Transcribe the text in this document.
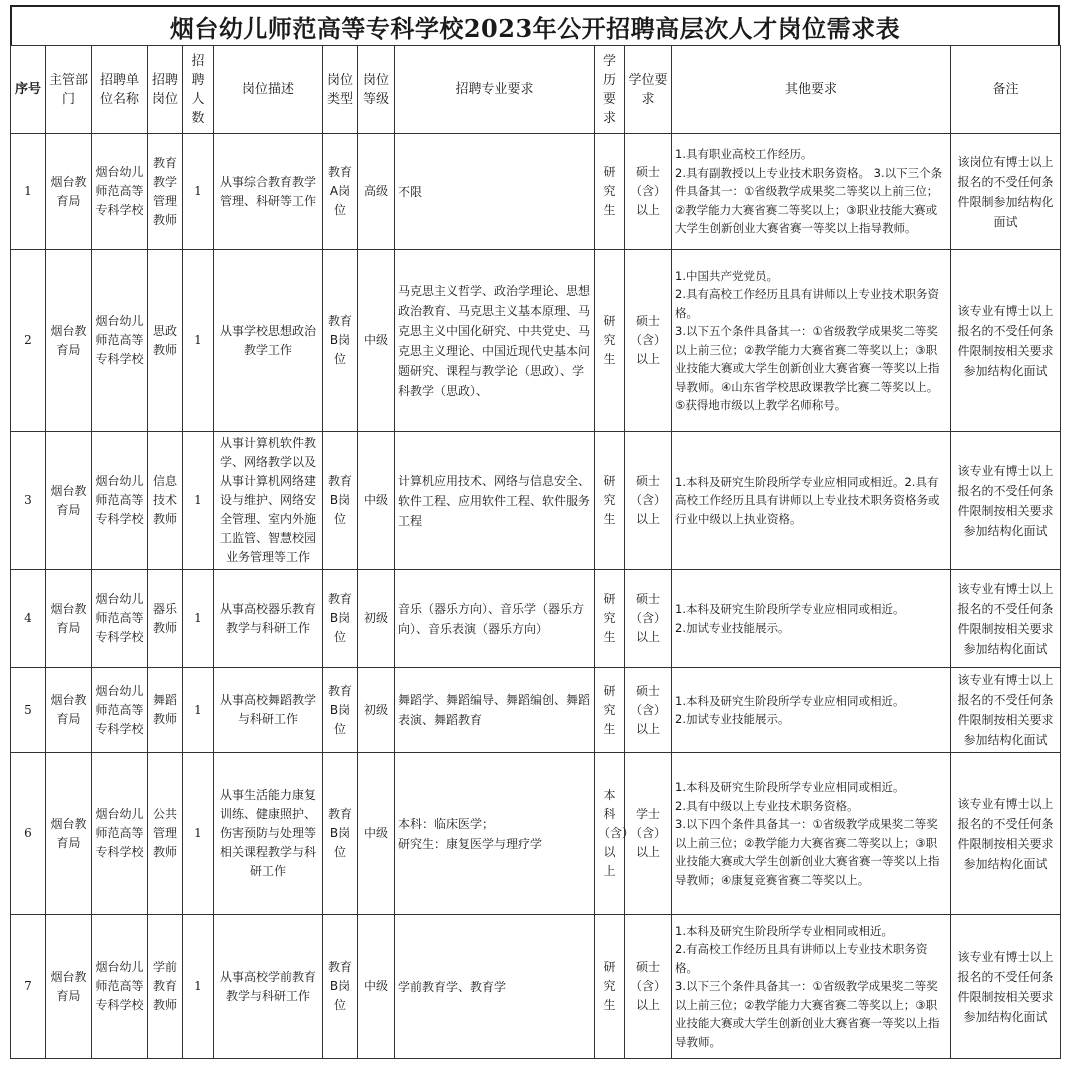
烟台幼儿师范高等专科学校2023年公开招聘高层次人才岗位需求表
序号	主管部门	招聘单位名称	招聘岗位	招聘人数	岗位描述	岗位类型	岗位等级	招聘专业要求	学历要求	学位要求	其他要求	备注
1	烟台教育局	烟台幼儿师范高等专科学校	教育教学管理教师	1	从事综合教育教学管理、科研等工作	教育A岗位	高级	不限	研究生	硕士（含）以上	1.具有职业高校工作经历。
2.具有副教授以上专业技术职务资格。 3.以下三个条件具备其一：①省级教学成果奖二等奖以上前三位；②教学能力大赛省赛二等奖以上；③职业技能大赛或大学生创新创业大赛省赛一等奖以上指导教师。	该岗位有博士以上报名的不受任何条件限制参加结构化面试
2	烟台教育局	烟台幼儿师范高等专科学校	思政教师	1	从事学校思想政治教学工作	教育B岗位	中级	马克思主义哲学、政治学理论、思想政治教育、马克思主义基本原理、马克思主义中国化研究、中共党史、马克思主义理论、中国近现代史基本问题研究、课程与教学论（思政）、学科教学（思政）、	研究生	硕士（含）以上	1.中国共产党党员。
2.具有高校工作经历且具有讲师以上专业技术职务资格。
3.以下五个条件具备其一：①省级教学成果奖二等奖以上前三位；②教学能力大赛省赛二等奖以上；③职业技能大赛或大学生创新创业大赛省赛一等奖以上指导教师。④山东省学校思政课教学比赛二等奖以上。⑤获得地市级以上教学名师称号。	该专业有博士以上报名的不受任何条件限制按相关要求参加结构化面试
3	烟台教育局	烟台幼儿师范高等专科学校	信息技术教师	1	从事计算机软件教学、网络教学以及从事计算机网络建设与维护、网络安全管理、室内外施工监管、智慧校园业务管理等工作	教育B岗位	中级	计算机应用技术、网络与信息安全、软件工程、应用软件工程、软件服务工程	研究生	硕士（含）以上	1.本科及研究生阶段所学专业应相同或相近。2.具有高校工作经历且具有讲师以上专业技术职务资格务或行业中级以上执业资格。	该专业有博士以上报名的不受任何条件限制按相关要求参加结构化面试
4	烟台教育局	烟台幼儿师范高等专科学校	器乐教师	1	从事高校器乐教育教学与科研工作	教育B岗位	初级	音乐（器乐方向）、音乐学（器乐方向）、音乐表演（器乐方向）	研究生	硕士（含）以上	1.本科及研究生阶段所学专业应相同或相近。
2.加试专业技能展示。	该专业有博士以上报名的不受任何条件限制按相关要求参加结构化面试
5	烟台教育局	烟台幼儿师范高等专科学校	舞蹈教师	1	从事高校舞蹈教学与科研工作	教育B岗位	初级	舞蹈学、舞蹈编导、舞蹈编创、舞蹈表演、舞蹈教育	研究生	硕士（含）以上	1.本科及研究生阶段所学专业应相同或相近。
2.加试专业技能展示。	该专业有博士以上报名的不受任何条件限制按相关要求参加结构化面试
6	烟台教育局	烟台幼儿师范高等专科学校	公共管理教师	1	从事生活能力康复训练、健康照护、伤害预防与处理等相关课程教学与科研工作	教育B岗位	中级	本科：临床医学；
研究生：康复医学与理疗学	本科（含）以上	学士（含）以上	1.本科及研究生阶段所学专业应相同或相近。
2.具有中级以上专业技术职务资格。
3.以下四个条件具备其一：①省级教学成果奖二等奖以上前三位；②教学能力大赛省赛二等奖以上；③职业技能大赛或大学生创新创业大赛省赛一等奖以上指导教师；④康复竞赛省赛二等奖以上。	该专业有博士以上报名的不受任何条件限制按相关要求参加结构化面试
7	烟台教育局	烟台幼儿师范高等专科学校	学前教育教师	1	从事高校学前教育教学与科研工作	教育B岗位	中级	学前教育学、教育学	研究生	硕士（含）以上	1.本科及研究生阶段所学专业相同或相近。
2.有高校工作经历且具有讲师以上专业技术职务资格。
3.以下三个条件具备其一：①省级教学成果奖二等奖以上前三位；②教学能力大赛省赛二等奖以上；③职业技能大赛或大学生创新创业大赛省赛一等奖以上指导教师。	该专业有博士以上报名的不受任何条件限制按相关要求参加结构化面试
